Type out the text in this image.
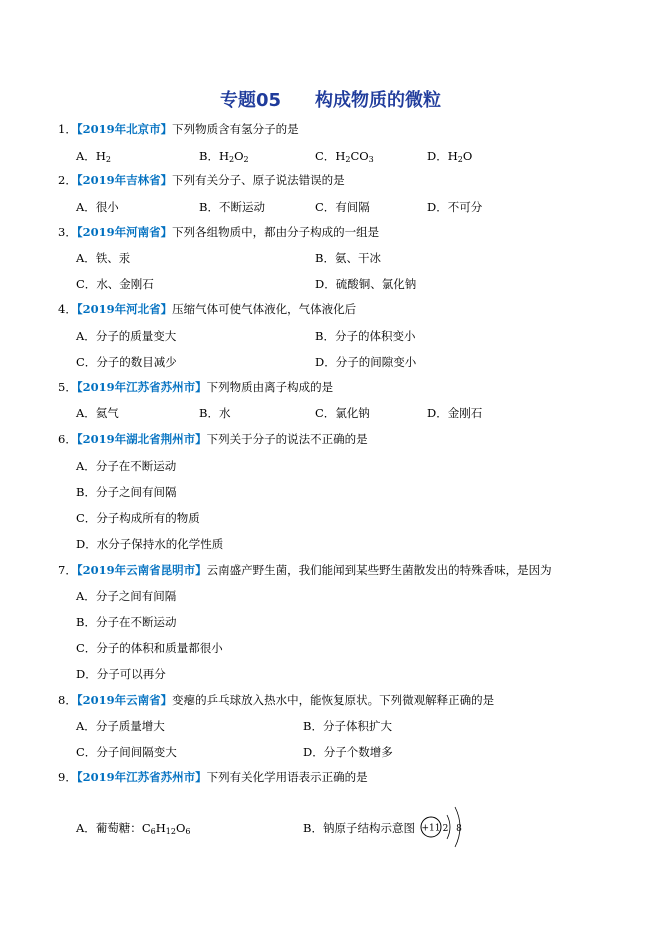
专题05 构成物质的微粒
1．【2019年北京市】下列物质含有氢分子的是
A．$H_2$	B．$H_2O_2$	C．$H_2CO_3$	D．$H_2O$
2．【2019年吉林省】下列有关分子、原子说法错误的是
A．很小	B．不断运动	C．有间隔	D．不可分
3．【2019年河南省】下列各组物质中，都由分子构成的一组是
A．铁、汞	B．氨、干冰
C．水、金刚石	D．硫酸铜、氯化钠
4．【2019年河北省】压缩气体可使气体液化，气体液化后
A．分子的质量变大	B．分子的体积变小
C．分子的数目减少	D．分子的间隙变小
5．【2019年江苏省苏州市】下列物质由离子构成的是
A．氦气	B．水	C．氯化钠	D．金刚石
6．【2019年湖北省荆州市】下列关于分子的说法不正确的是
A．分子在不断运动
B．分子之间有间隔
C．分子构成所有的物质
D．水分子保持水的化学性质
7．【2019年云南省昆明市】云南盛产野生菌，我们能闻到某些野生菌散发出的特殊香味，是因为
A．分子之间有间隔
B．分子在不断运动
C．分子的体积和质量都很小
D．分子可以再分
8．【2019年云南省】变瘪的乒乓球放入热水中，能恢复原状。下列微观解释正确的是
A．分子质量增大	B．分子体积扩大
C．分子间间隔变大	D．分子个数增多
9．【2019年江苏省苏州市】下列有关化学用语表示正确的是
A．葡萄糖：$C_6H_{12}O_6$	B．钠原子结构示意图 +11 2 8
